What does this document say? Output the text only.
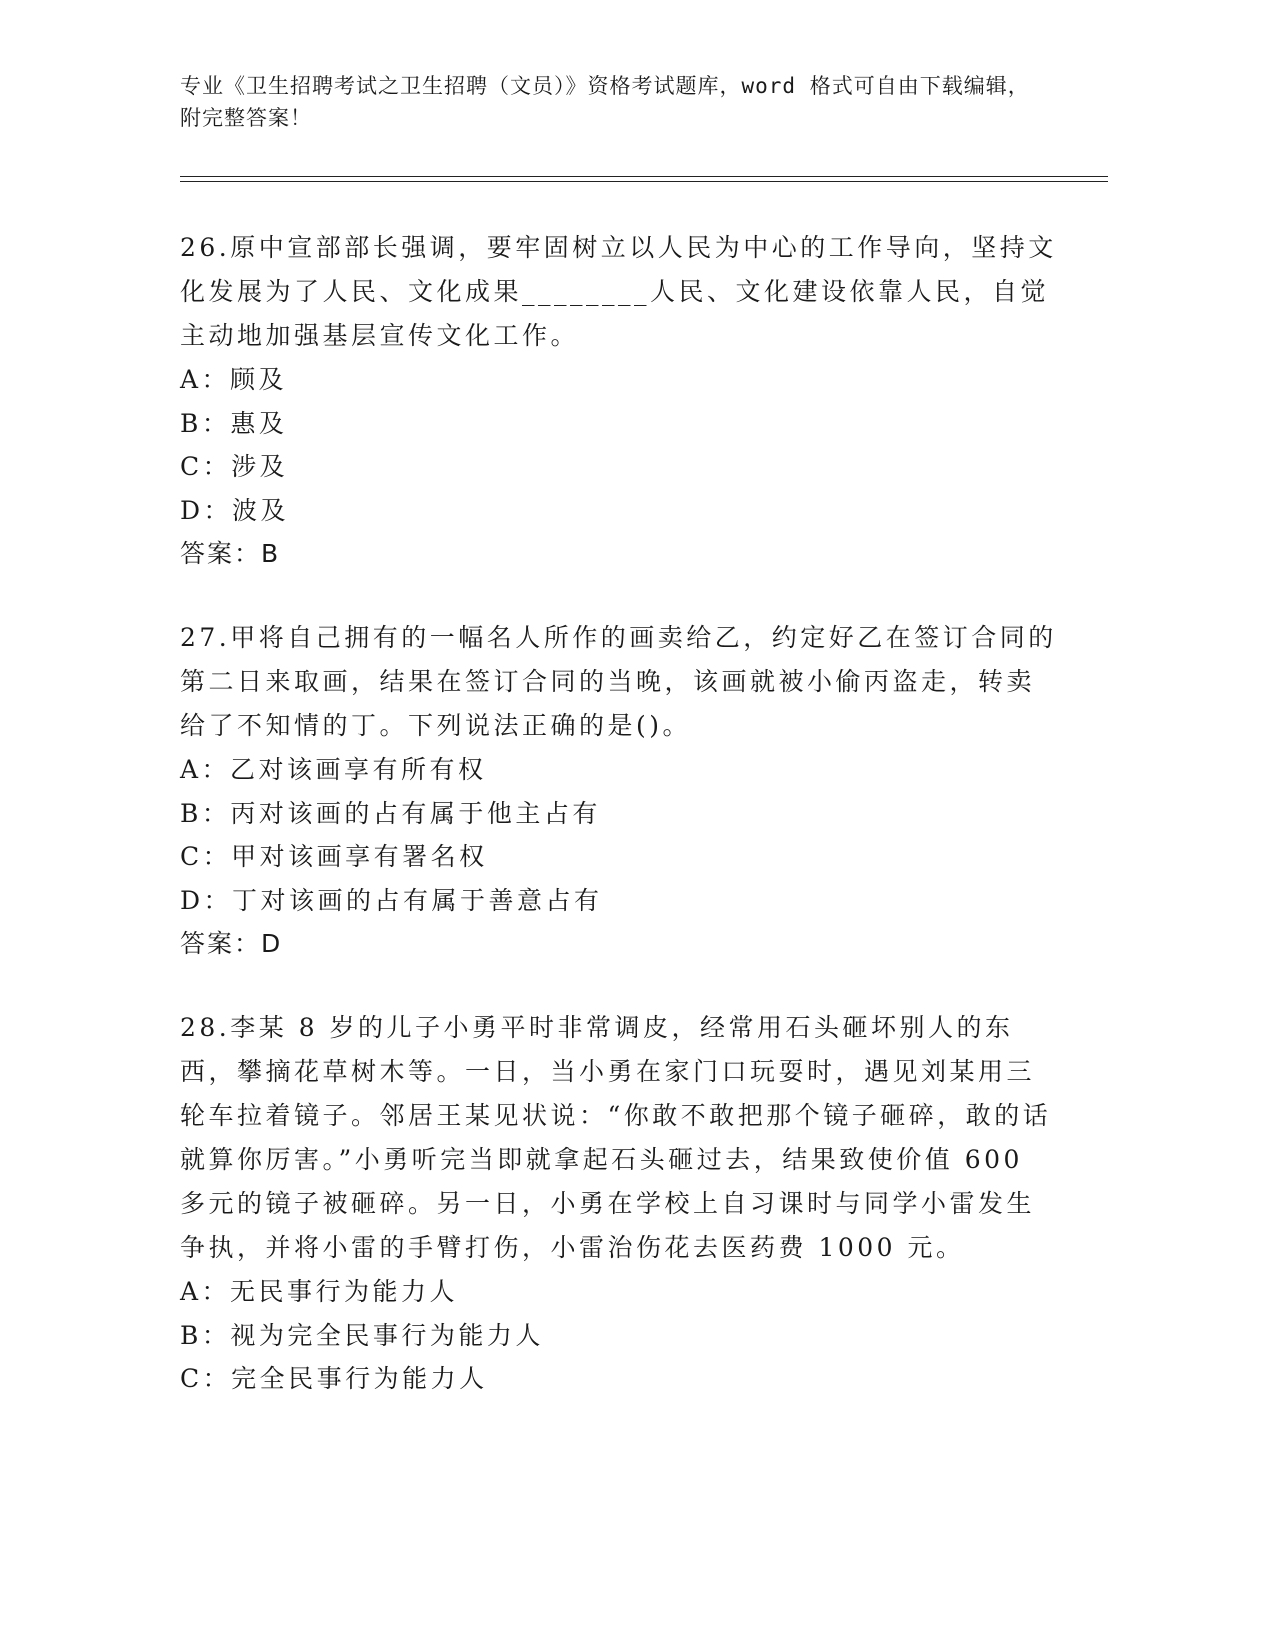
专业《卫生招聘考试之卫生招聘（文员）》资格考试题库，word 格式可自由下载编辑，附完整答案！

26.原中宣部部长强调，要牢固树立以人民为中心的工作导向，坚持文化发展为了人民、文化成果________人民、文化建设依靠人民，自觉主动地加强基层宣传文化工作。

A：顾及

B：惠及

C：涉及

D：波及

答案：B

27.甲将自己拥有的一幅名人所作的画卖给乙，约定好乙在签订合同的第二日来取画，结果在签订合同的当晚，该画就被小偷丙盗走，转卖给了不知情的丁。下列说法正确的是()。

A：乙对该画享有所有权

B：丙对该画的占有属于他主占有

C：甲对该画享有署名权

D：丁对该画的占有属于善意占有

答案：D

28.李某 8 岁的儿子小勇平时非常调皮，经常用石头砸坏别人的东西，攀摘花草树木等。一日，当小勇在家门口玩耍时，遇见刘某用三轮车拉着镜子。邻居王某见状说：“你敢不敢把那个镜子砸碎，敢的话就算你厉害。”小勇听完当即就拿起石头砸过去，结果致使价值 600 多元的镜子被砸碎。另一日，小勇在学校上自习课时与同学小雷发生争执，并将小雷的手臂打伤，小雷治伤花去医药费 1000 元。

A：无民事行为能力人

B：视为完全民事行为能力人

C：完全民事行为能力人
